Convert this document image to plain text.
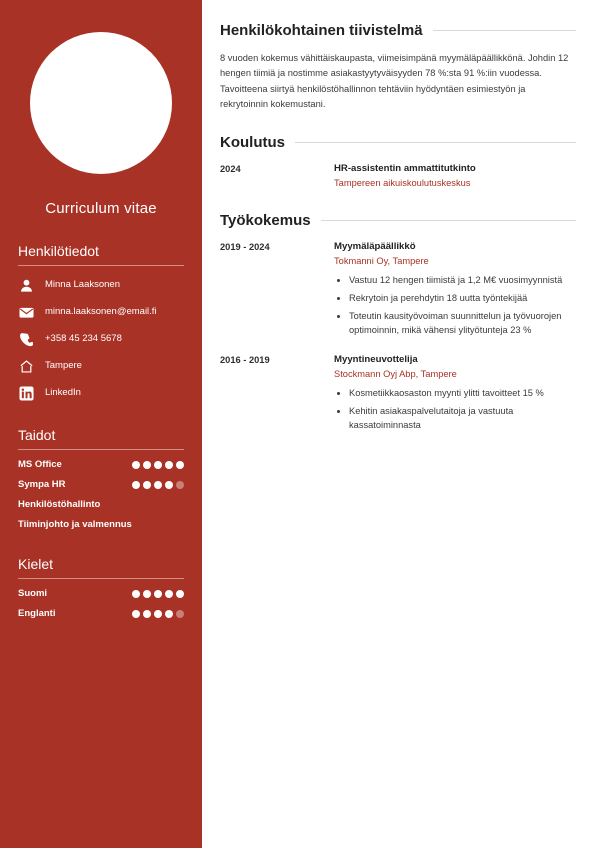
Curriculum vitae
Henkilötiedot
Minna Laaksonen
minna.laaksonen@email.fi
+358 45 234 5678
Tampere
LinkedIn
Taidot
MS Office
Sympa HR
Henkilöstöhallinto
Tiiminjohto ja valmennus
Kielet
Suomi
Englanti
Henkilökohtainen tiivistelmä

8 vuoden kokemus vähittäiskaupasta, viimeisimpänä myymäläpäällikkönä. Johdin 12 hengen tiimiä ja nostimme asiakastyytyväisyyden 78 %:sta 91 %:iin vuodessa. Tavoitteena siirtyä henkilöstöhallinnon tehtäviin hyödyntäen esimiestyön ja rekrytoinnin kokemustani.

Koulutus
2024	HR-assistentin ammattitutkinto
Tampereen aikuiskoulutuskeskus
Työkokemus
2019 - 2024	Myymäläpäällikkö
Tokmanni Oy, Tampere
• Vastuu 12 hengen tiimistä ja 1,2 M€ vuosimyynnistä
• Rekrytoin ja perehdytin 18 uutta työntekijää
• Toteutin kausityövoiman suunnittelun ja työvuorojen optimoinnin, mikä vähensi ylityötunteja 23 %
2016 - 2019	Myyntineuvottelija
Stockmann Oyj Abp, Tampere
• Kosmetiikkaosaston myynti ylitti tavoitteet 15 %
• Kehitin asiakaspalvelutaitoja ja vastuuta kassatoiminnasta
